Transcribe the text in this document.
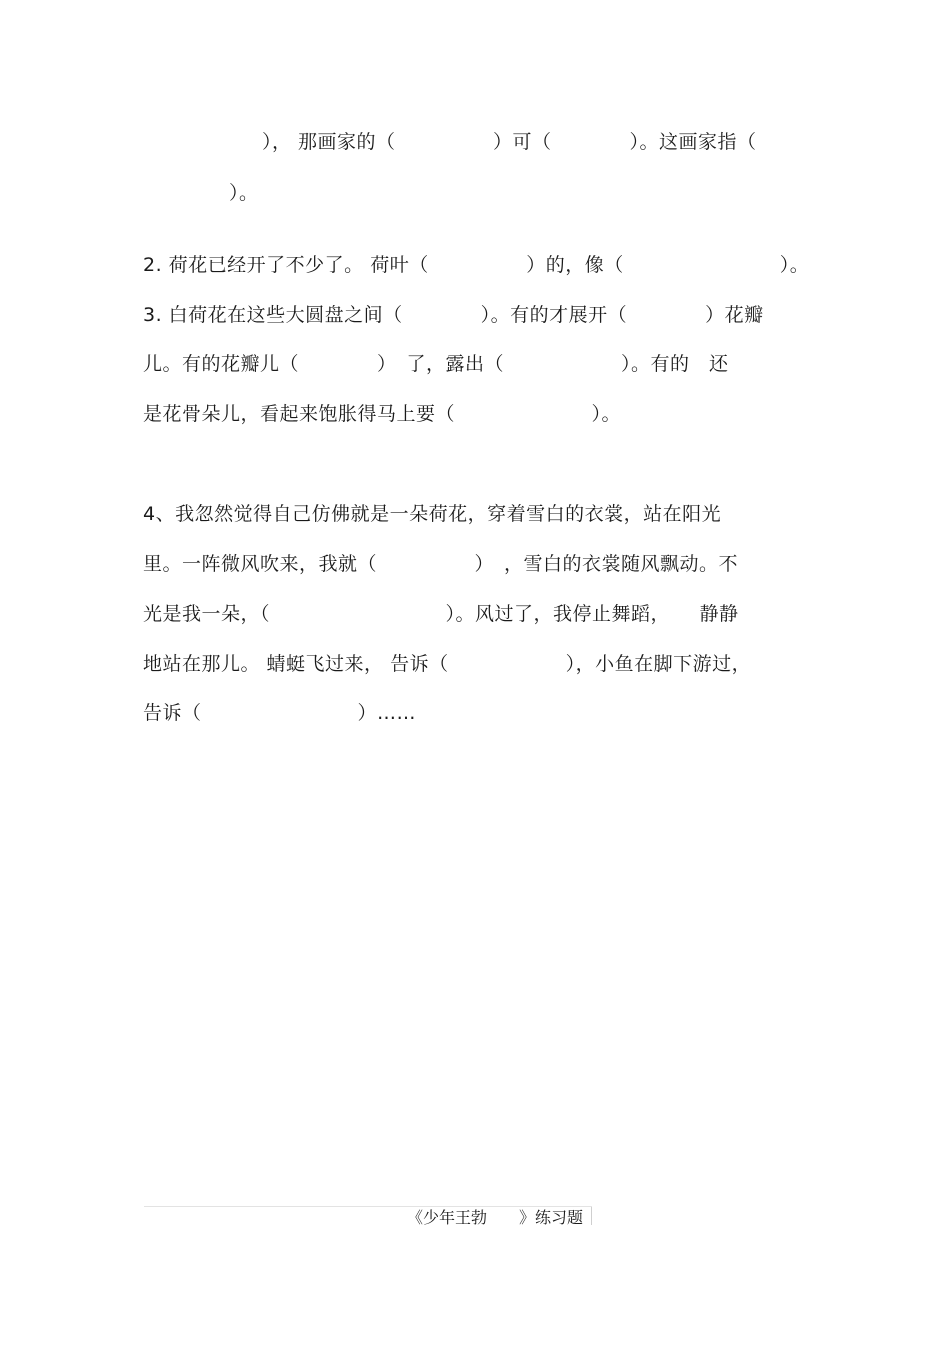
）， 那画家的（　　　　　）可（　　　　）。这画家指（
）。
2. 荷花已经开了不少了。 荷叶（　　　　　）的，像（　　　　　　　　）。
3. 白荷花在这些大圆盘之间（　　　　）。有的才展开（　　　　）花瓣
儿。有的花瓣儿（　　　　）　了，露出（　　　　　　）。有的　还
是花骨朵儿，看起来饱胀得马上要（　　　　　　　）。
4、我忽然觉得自己仿佛就是一朵荷花，穿着雪白的衣裳，站在阳光
里。一阵微风吹来，我就（　　　　　）　，雪白的衣裳随风飘动。不
光是我一朵，（　　　　　　　　　）。风过了，我停止舞蹈，　　静静
地站在那儿。 蜻蜓飞过来， 告诉（　　　　　　），小鱼在脚下游过，
告诉（　　　　　　　　）……
《少年王勃　　》练习题
